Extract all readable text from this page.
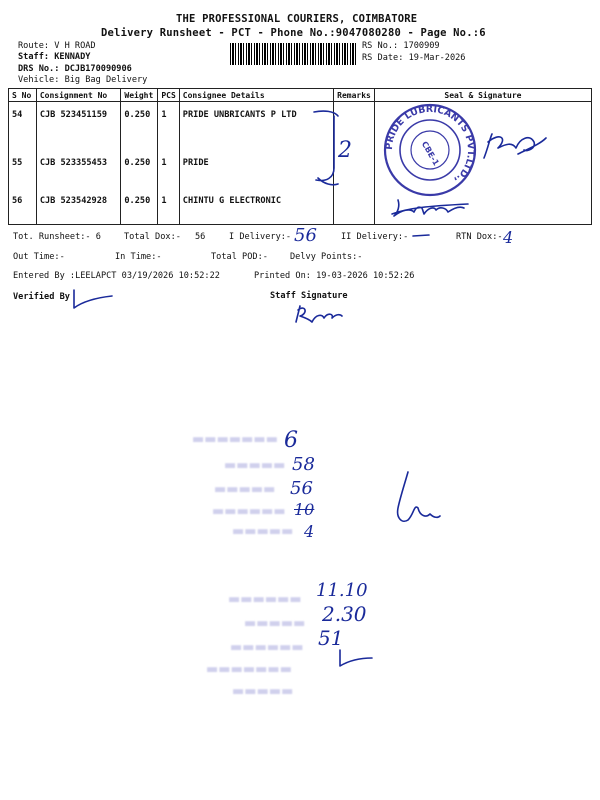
THE PROFESSIONAL COURIERS, COIMBATORE
Delivery Runsheet - PCT - Phone No.:9047080280 - Page No.:6
Route: V H ROAD
Staff: KENNADY
DRS No.: DCJB170090906
Vehicle: Big Bag Delivery
RS No.: 1700909
RS Date: 19-Mar-2026
S No	Consignment No	Weight	PCS	Consignee Details	Remarks	Seal & Signature
54	CJB 523451159	0.250	1	PRIDE UNBRICANTS P LTD		
55	CJB 523355453	0.250	1	PRIDE		
56	CJB 523542928	0.250	1	CHINTU G ELECTRONIC		
2	PRIDE LUBRICANTS PVT.LTD.,
CBE-1
Tot. Runsheet:- 6	Total Dox:- 56	I Delivery:- 56	II Delivery:-	RTN Dox:- 4
Out Time:-	In Time:-	Total POD:-	Delvy Points:-
Entered By :LEELAPCT 03/19/2026 10:52:22	Printed On: 19-03-2026 10:52:26
Verified By	Staff Signature
▬▬▬▬▬▬▬
▬▬▬▬▬
▬▬▬▬▬
▬▬▬▬▬▬
▬▬▬▬▬
6
58
56
10
4
▬▬▬▬▬▬
▬▬▬▬▬
▬▬▬▬▬▬
▬▬▬▬▬▬▬
▬▬▬▬▬
11.10
2.30
51
